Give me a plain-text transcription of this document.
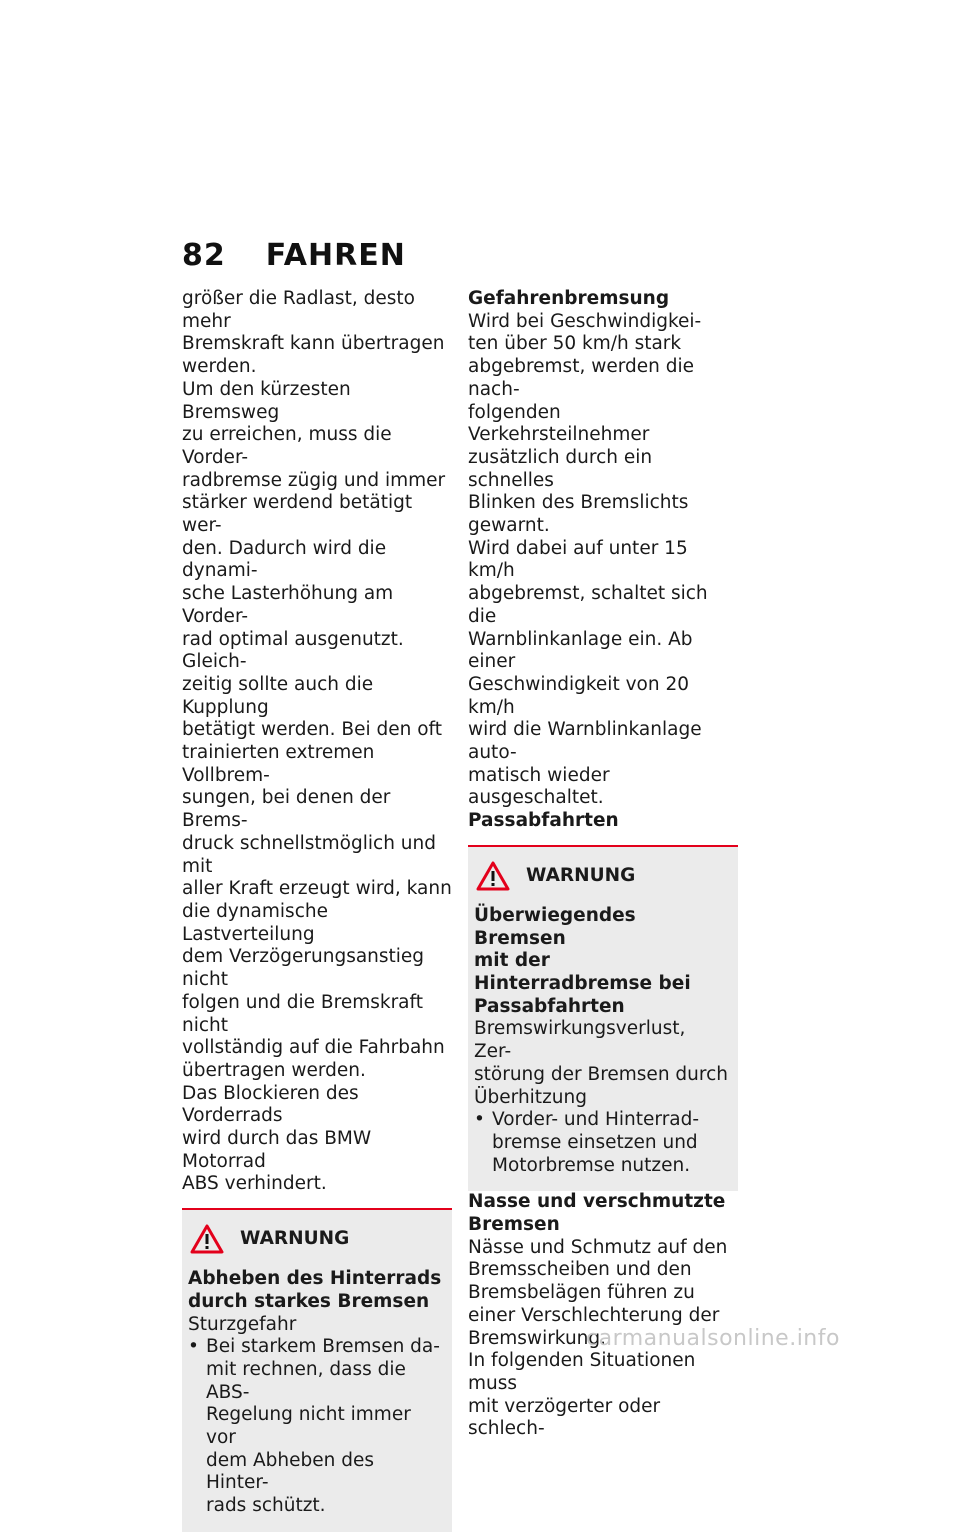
82 FAHREN

größer die Radlast, desto mehr
Bremskraft kann übertragen
werden.
Um den kürzesten Bremsweg
zu erreichen, muss die Vorder-
radbremse zügig und immer
stärker werdend betätigt wer-
den. Dadurch wird die dynami-
sche Lasterhöhung am Vorder-
rad optimal ausgenutzt. Gleich-
zeitig sollte auch die Kupplung
betätigt werden. Bei den oft
trainierten extremen Vollbrem-
sungen, bei denen der Brems-
druck schnellstmöglich und mit
aller Kraft erzeugt wird, kann
die dynamische Lastverteilung
dem Verzögerungsanstieg nicht
folgen und die Bremskraft nicht
vollständig auf die Fahrbahn
übertragen werden.
Das Blockieren des Vorderrads
wird durch das BMW Motorrad
ABS verhindert.

WARNUNG

Abheben des Hinterrads
durch starkes Bremsen

Sturzgefahr

• Bei starkem Bremsen da-
mit rechnen, dass die ABS-
Regelung nicht immer vor
dem Abheben des Hinter-
rads schützt.

Gefahrenbremsung

Wird bei Geschwindigkei-
ten über 50 km/h stark
abgebremst, werden die nach-
folgenden Verkehrsteilnehmer
zusätzlich durch ein schnelles
Blinken des Bremslichts
gewarnt.
Wird dabei auf unter 15 km/h
abgebremst, schaltet sich die
Warnblinkanlage ein. Ab einer
Geschwindigkeit von 20 km/h
wird die Warnblinkanlage auto-
matisch wieder ausgeschaltet.

Passabfahrten

WARNUNG

Überwiegendes Bremsen
mit der Hinterradbremse bei
Passabfahrten

Bremswirkungsverlust, Zer-
störung der Bremsen durch
Überhitzung

• Vorder- und Hinterrad-
bremse einsetzen und
Motorbremse nutzen.

Nasse und verschmutzte
Bremsen

Nässe und Schmutz auf den
Bremsscheiben und den
Bremsbelägen führen zu
einer Verschlechterung der
Bremswirkung.
In folgenden Situationen muss
mit verzögerter oder schlech-

carmanualsonline.info
